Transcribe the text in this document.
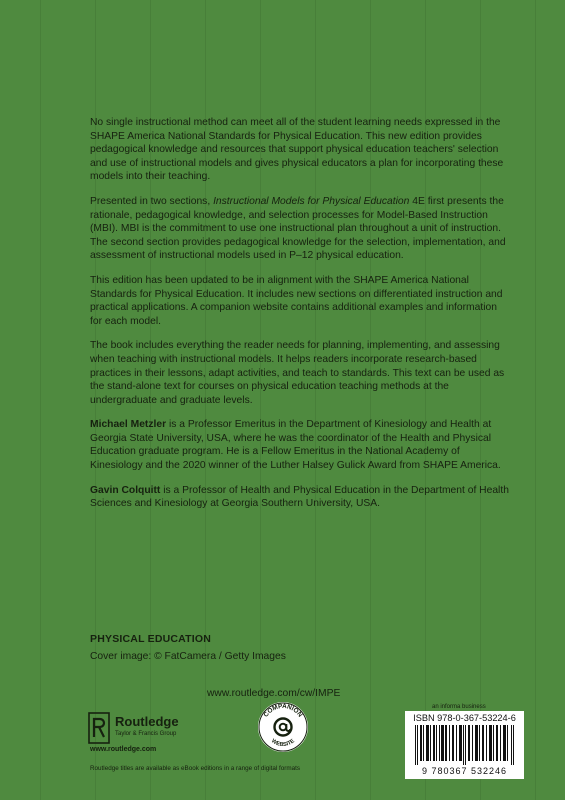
No single instructional method can meet all of the student learning needs expressed in the SHAPE America National Standards for Physical Education. This new edition provides pedagogical knowledge and resources that support physical education teachers' selection and use of instructional models and gives physical educators a plan for incorporating these models into their teaching.

Presented in two sections, Instructional Models for Physical Education 4E first presents the rationale, pedagogical knowledge, and selection processes for Model-Based Instruction (MBI). MBI is the commitment to use one instructional plan throughout a unit of instruction. The second section provides pedagogical knowledge for the selection, implementation, and assessment of instructional models used in P–12 physical education.

This edition has been updated to be in alignment with the SHAPE America National Standards for Physical Education. It includes new sections on differentiated instruction and practical applications. A companion website contains additional examples and information for each model.

The book includes everything the reader needs for planning, implementing, and assessing when teaching with instructional models. It helps readers incorporate research-based practices in their lessons, adapt activities, and teach to standards. This text can be used as the stand-alone text for courses on physical education teaching methods at the undergraduate and graduate levels.

Michael Metzler is a Professor Emeritus in the Department of Kinesiology and Health at Georgia State University, USA, where he was the coordinator of the Health and Physical Education graduate program. He is a Fellow Emeritus in the National Academy of Kinesiology and the 2020 winner of the Luther Halsey Gulick Award from SHAPE America.

Gavin Colquitt is a Professor of Health and Physical Education in the Department of Health Sciences and Kinesiology at Georgia Southern University, USA.

PHYSICAL EDUCATION
Cover image: © FatCamera / Getty Images
www.routledge.com/cw/IMPE
Routledge
Taylor & Francis Group
www.routledge.com
Routledge titles are available as eBook editions in a range of digital formats
COMPANION
WEBSITE
an informa business
ISBN 978-0-367-53224-6
9 780367 532246
